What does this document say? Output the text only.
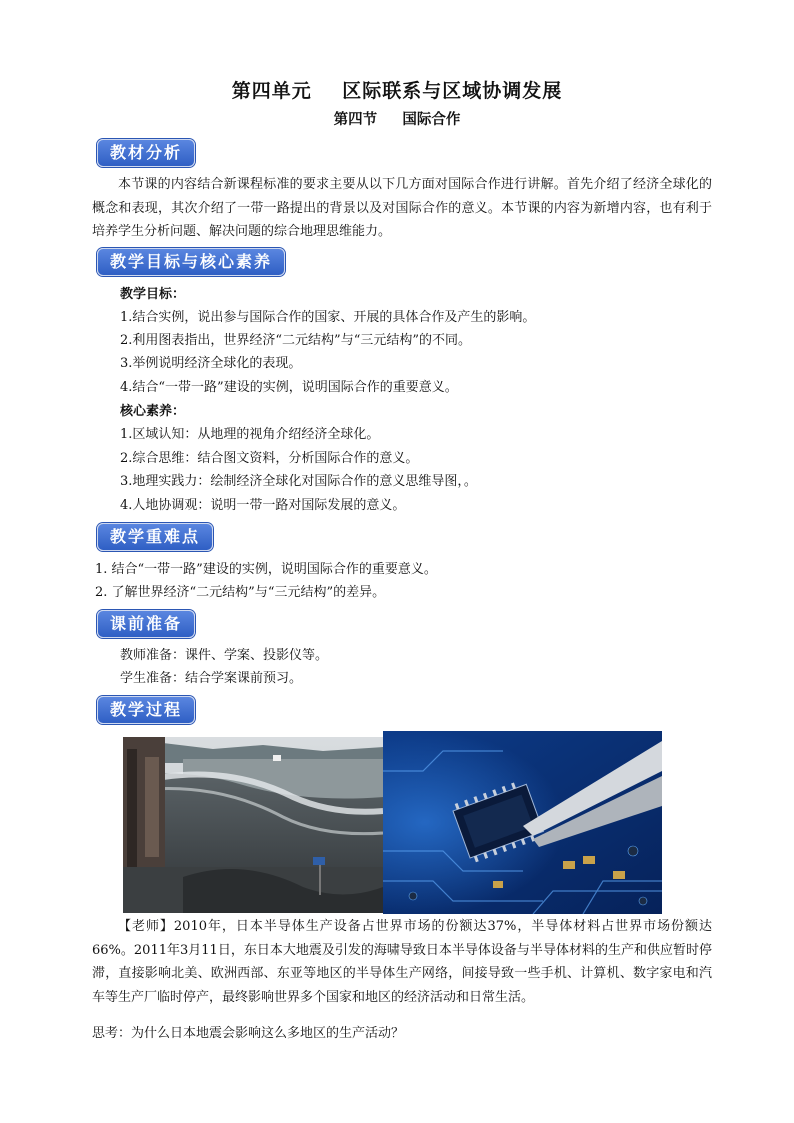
第四单元    区际联系与区域协调发展
第四节     国际合作
教材分析
本节课的内容结合新课程标准的要求主要从以下几方面对国际合作进行讲解。首先介绍了经济全球化的概念和表现，其次介绍了一带一路提出的背景以及对国际合作的意义。本节课的内容为新增内容，也有利于培养学生分析问题、解决问题的综合地理思维能力。
教学目标与核心素养
教学目标：
1.结合实例，说出参与国际合作的国家、开展的具体合作及产生的影响。
2.利用图表指出，世界经济“二元结构”与“三元结构”的不同。
3.举例说明经济全球化的表现。
4.结合“一带一路”建设的实例，说明国际合作的重要意义。
核心素养：
1.区域认知：从地理的视角介绍经济全球化。
2.综合思维：结合图文资料，分析国际合作的意义。
3.地理实践力：绘制经济全球化对国际合作的意义思维导图，。
4.人地协调观：说明一带一路对国际发展的意义。
教学重难点
1. 结合“一带一路”建设的实例，说明国际合作的重要意义。
2. 了解世界经济“二元结构”与“三元结构”的差异。
课前准备
教师准备：课件、学案、投影仪等。
学生准备：结合学案课前预习。
教学过程
【老师】2010年，日本半导体生产设备占世界市场的份额达37%，半导体材料占世界市场份额达66%。2011年3月11日，东日本大地震及引发的海啸导致日本半导体设备与半导体材料的生产和供应暂时停滞，直接影响北美、欧洲西部、东亚等地区的半导体生产网络，间接导致一些手机、计算机、数字家电和汽车等生产厂临时停产，最终影响世界多个国家和地区的经济活动和日常生活。
思考：为什么日本地震会影响这么多地区的生产活动？
